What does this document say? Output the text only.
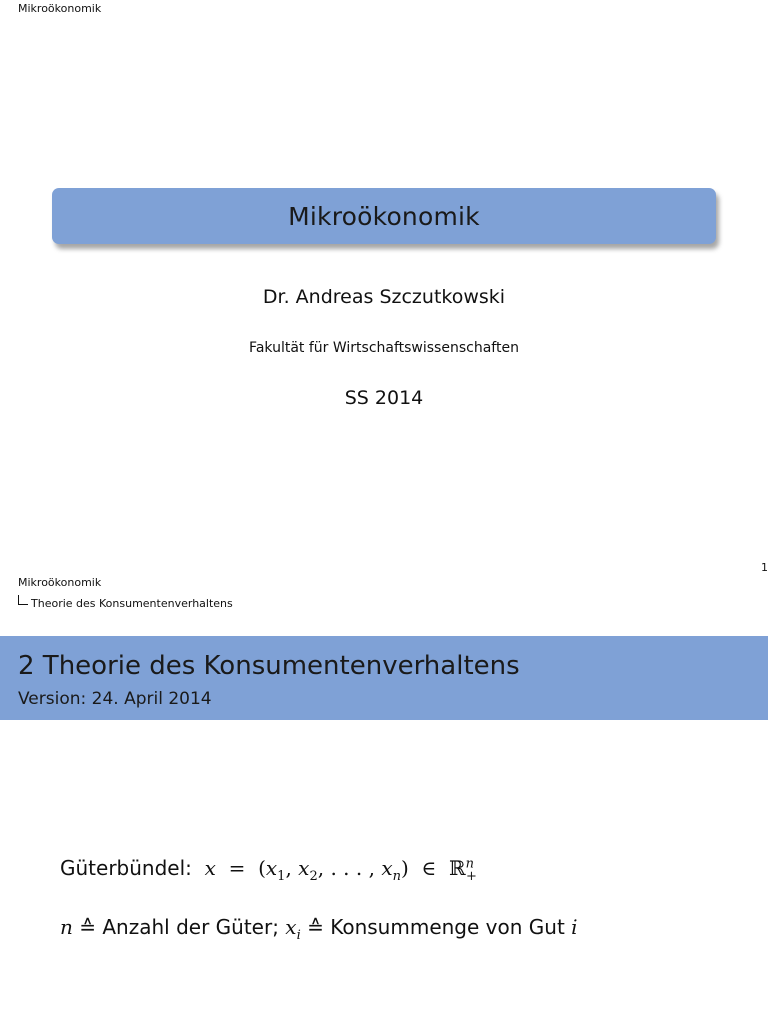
Mikroökonomik
Mikroökonomik
Dr. Andreas Szczutkowski
Fakultät für Wirtschaftswissenschaften
SS 2014
1
Mikroökonomik
Theorie des Konsumentenverhaltens
2 Theorie des Konsumentenverhaltens
Version: 24. April 2014
Güterbündel: $x = (x_1$, $x_2$, . . . , $x_n$)  ∈  ℝ$^n_+$
n ≙ Anzahl der Güter; $x_i$ ≙ Konsummenge von Gut i
